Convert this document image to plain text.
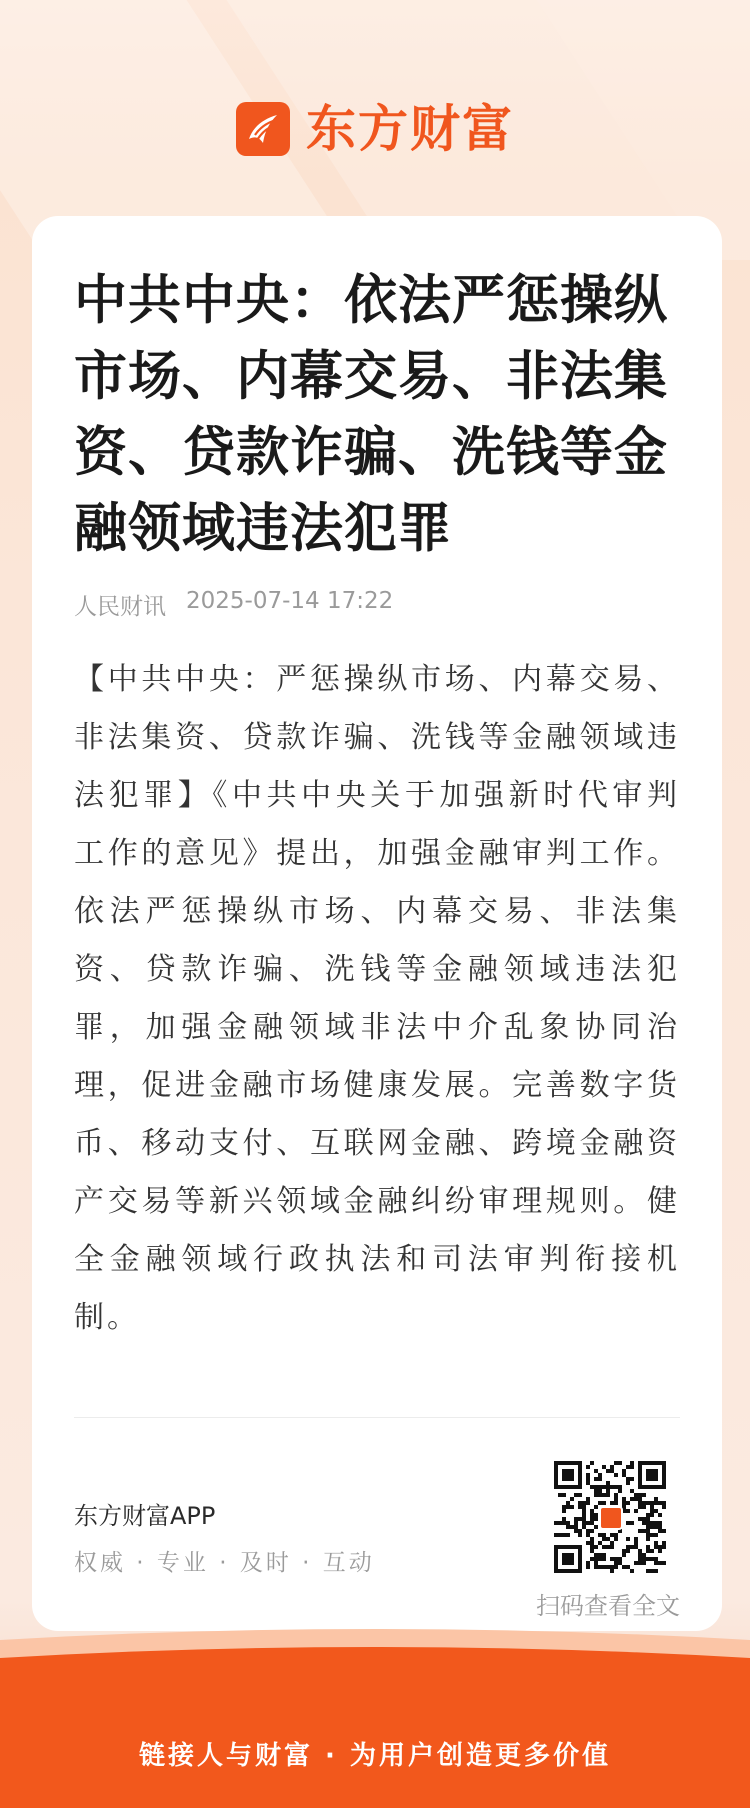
东方财富
中共中央：依法严惩操纵市场、内幕交易、非法集资、贷款诈骗、洗钱等金融领域违法犯罪
人民财讯 2025-07-14 17:22
【中共中央：严惩操纵市场、内幕交易、非法集资、贷款诈骗、洗钱等金融领域违法犯罪】《中共中央关于加强新时代审判工作的意见》提出，加强金融审判工作。依法严惩操纵市场、内幕交易、非法集资、贷款诈骗、洗钱等金融领域违法犯罪，加强金融领域非法中介乱象协同治理，促进金融市场健康发展。完善数字货币、移动支付、互联网金融、跨境金融资产交易等新兴领域金融纠纷审理规则。健全金融领域行政执法和司法审判衔接机制。
东方财富APP
权威 · 专业 · 及时 · 互动
扫码查看全文
链接人与财富 · 为用户创造更多价值
